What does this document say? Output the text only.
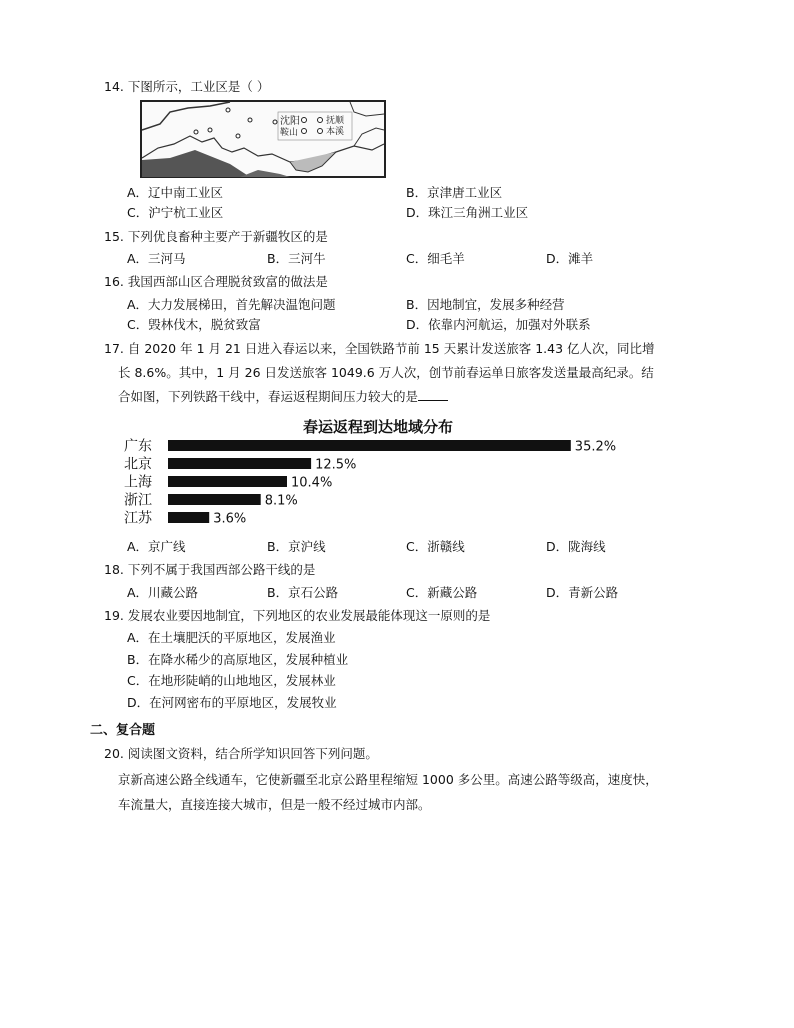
14. 下图所示，工业区是（ ）
沈阳	抚顺
鞍山	本溪
A．辽中南工业区	B．京津唐工业区
C．沪宁杭工业区	D．珠江三角洲工业区
15. 下列优良畜种主要产于新疆牧区的是
A．三河马	B．三河牛	C．细毛羊	D．滩羊
16. 我国西部山区合理脱贫致富的做法是
A．大力发展梯田，首先解决温饱问题	B．因地制宜，发展多种经营
C．毁林伐木，脱贫致富	D．依靠内河航运，加强对外联系
17. 自 2020 年 1 月 21 日进入春运以来，全国铁路节前 15 天累计发送旅客 1.43 亿人次，同比增
长 8.6%。其中，1 月 26 日发送旅客 1049.6 万人次，创节前春运单日旅客发送量最高纪录。结
合如图，下列铁路干线中，春运返程期间压力较大的是
春运返程到达地域分布
广东	35.2%
北京	12.5%
上海	10.4%
浙江	8.1%
江苏	3.6%
A．京广线	B．京沪线	C．浙赣线	D．陇海线
18. 下列不属于我国西部公路干线的是
A．川藏公路	B．京石公路	C．新藏公路	D．青新公路
19. 发展农业要因地制宜，下列地区的农业发展最能体现这一原则的是
A．在土壤肥沃的平原地区，发展渔业
B．在降水稀少的高原地区，发展种植业
C．在地形陡峭的山地地区，发展林业
D．在河网密布的平原地区，发展牧业
二、复合题
20. 阅读图文资料，结合所学知识回答下列问题。
京新高速公路全线通车，它使新疆至北京公路里程缩短 1000 多公里。高速公路等级高，速度快，
车流量大，直接连接大城市，但是一般不经过城市内部。
